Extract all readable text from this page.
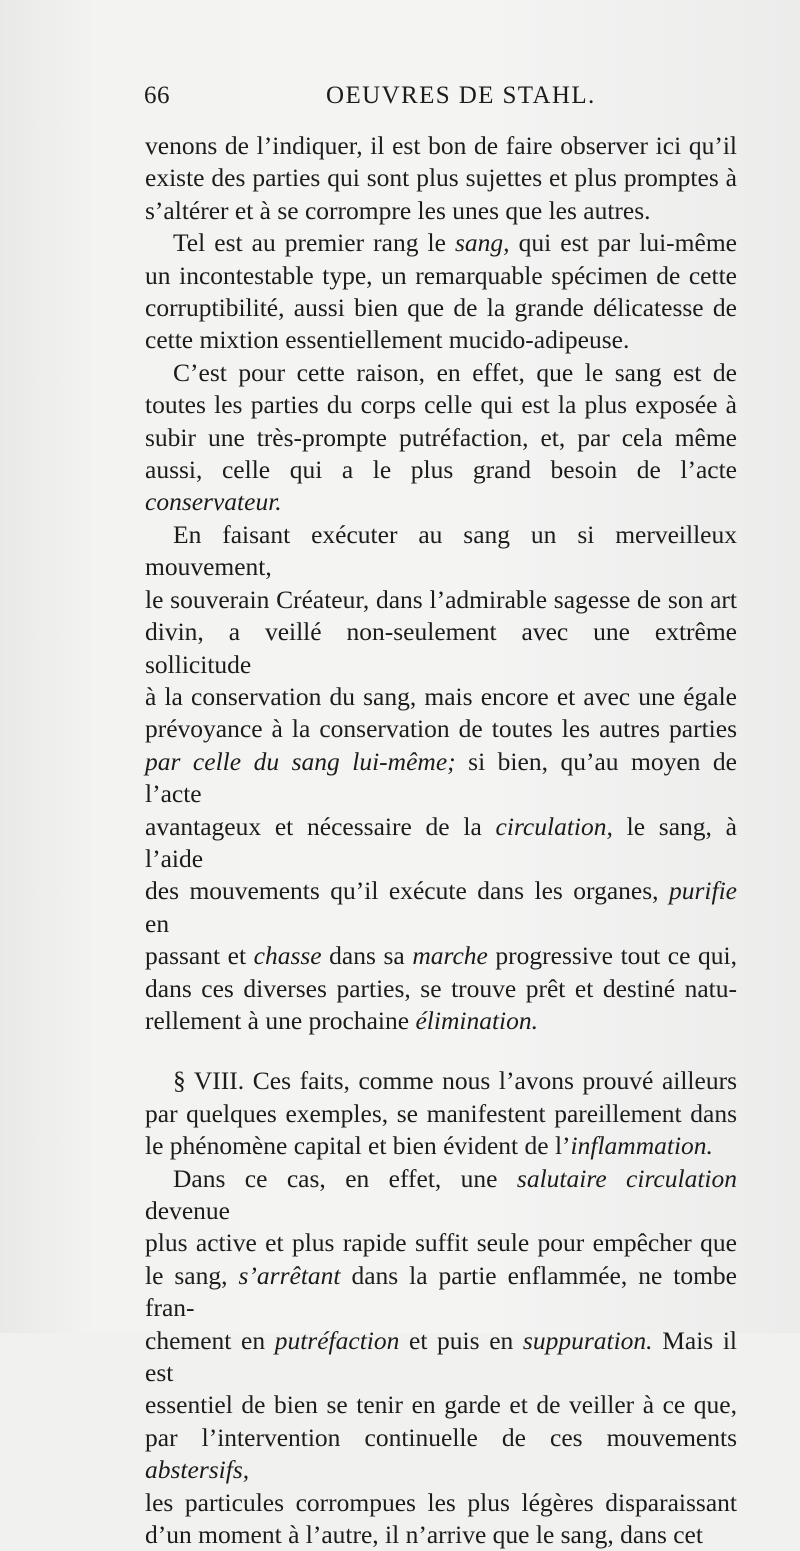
66	OEUVRES DE STAHL.

venons de l’indiquer, il est bon de faire observer ici qu’il

existe des parties qui sont plus sujettes et plus promptes à

s’altérer et à se corrompre les unes que les autres.

Tel est au premier rang le sang, qui est par lui-même

un incontestable type, un remarquable spécimen de cette

corruptibilité, aussi bien que de la grande délicatesse de

cette mixtion essentiellement mucido-adipeuse.

C’est pour cette raison, en effet, que le sang est de

toutes les parties du corps celle qui est la plus exposée à

subir une très-prompte putréfaction, et, par cela même

aussi, celle qui a le plus grand besoin de l’acte conservateur.

En faisant exécuter au sang un si merveilleux mouvement,

le souverain Créateur, dans l’admirable sagesse de son art

divin, a veillé non-seulement avec une extrême sollicitude

à la conservation du sang, mais encore et avec une égale

prévoyance à la conservation de toutes les autres parties

par celle du sang lui-même; si bien, qu’au moyen de l’acte

avantageux et nécessaire de la circulation, le sang, à l’aide

des mouvements qu’il exécute dans les organes, purifie en

passant et chasse dans sa marche progressive tout ce qui,

dans ces diverses parties, se trouve prêt et destiné natu-

rellement à une prochaine élimination.

§ VIII. Ces faits, comme nous l’avons prouvé ailleurs

par quelques exemples, se manifestent pareillement dans

le phénomène capital et bien évident de l’inflammation.

Dans ce cas, en effet, une salutaire circulation devenue

plus active et plus rapide suffit seule pour empêcher que

le sang, s’arrêtant dans la partie enflammée, ne tombe fran-

chement en putréfaction et puis en suppuration. Mais il est

essentiel de bien se tenir en garde et de veiller à ce que,

par l’intervention continuelle de ces mouvements abstersifs,

les particules corrompues les plus légères disparaissant

d’un moment à l’autre, il n’arrive que le sang, dans cet
